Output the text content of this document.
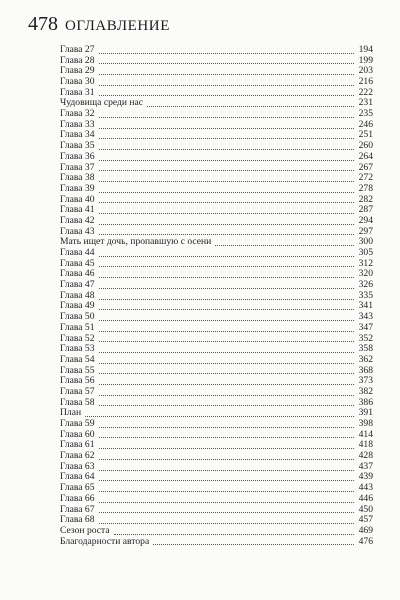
478 ОГЛАВЛЕНИЕ
Глава 27	194
Глава 28	199
Глава 29	203
Глава 30	216
Глава 31	222
Чудовища среди нас	231
Глава 32	235
Глава 33	246
Глава 34	251
Глава 35	260
Глава 36	264
Глава 37	267
Глава 38	272
Глава 39	278
Глава 40	282
Глава 41	287
Глава 42	294
Глава 43	297
Мать ищет дочь, пропавшую с осени	300
Глава 44	305
Глава 45	312
Глава 46	320
Глава 47	326
Глава 48	335
Глава 49	341
Глава 50	343
Глава 51	347
Глава 52	352
Глава 53	358
Глава 54	362
Глава 55	368
Глава 56	373
Глава 57	382
Глава 58	386
План	391
Глава 59	398
Глава 60	414
Глава 61	418
Глава 62	428
Глава 63	437
Глава 64	439
Глава 65	443
Глава 66	446
Глава 67	450
Глава 68	457
Сезон роста	469
Благодарности автора	476
